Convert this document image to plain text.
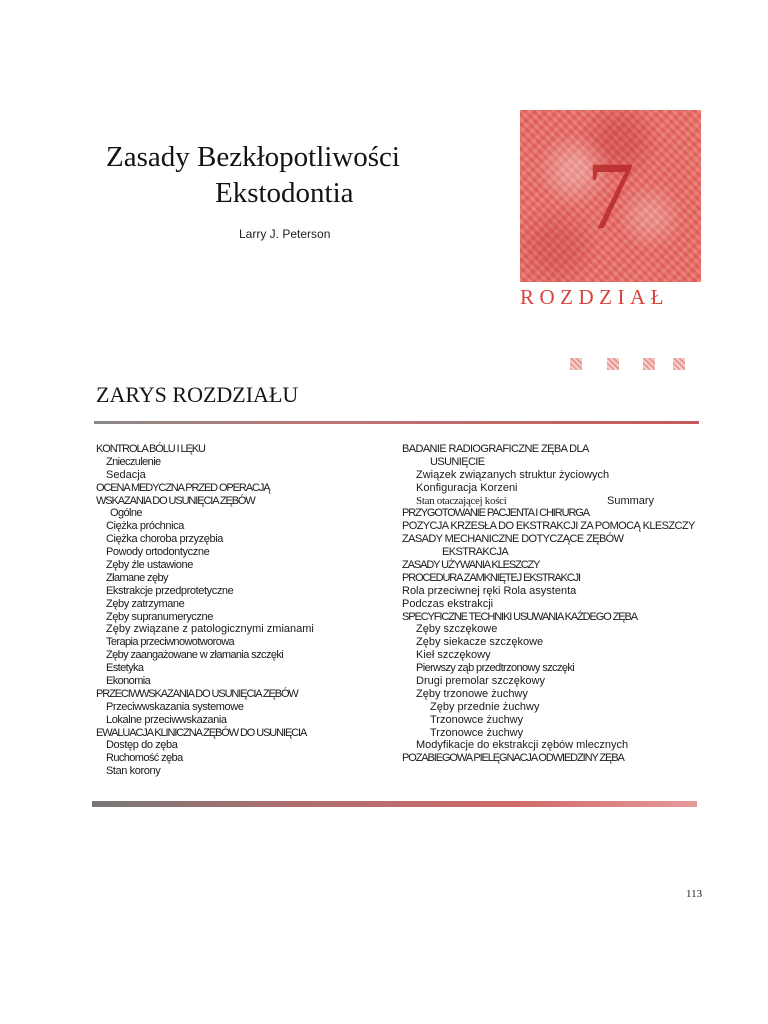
Zasady Bezkłopotliwości
Ekstodontia
Larry J. Peterson	7
ROZDZIAŁ
ZARYS ROZDZIAŁU
KONTROLA BÓLU I LĘKU
Znieczulenie
Sedacja
OCENA MEDYCZNA PRZED OPERACJĄ
WSKAZANIA DO USUNIĘCIA ZĘBÓW
Ogólne
Ciężka próchnica
Ciężka choroba przyzębia
Powody ortodontyczne
Zęby źle ustawione
Złamane zęby
Ekstrakcje przedprotetyczne
Zęby zatrzymane
Zęby supranumeryczne
Zęby związane z patologicznymi zmianami
Terapia przeciwnowotworowa
Zęby zaangażowane w złamania szczęki
Estetyka
Ekonomia
PRZECIWWSKAZANIA DO USUNIĘCIA ZĘBÓW
Przeciwwskazania systemowe
Lokalne przeciwwskazania
EWALUACJA KLINICZNA ZĘBÓW DO USUNIĘCIA
Dostęp do zęba
Ruchomość zęba
Stan korony
BADANIE RADIOGRAFICZNE ZĘBA DLA
USUNIĘCIE
Związek związanych struktur życiowych
Konfiguracja Korzeni
Stan otaczającej kości
PRZYGOTOWANIE PACJENTA I CHIRURGA
POZYCJA KRZESŁA DO EKSTRAKCJI ZA POMOCĄ KLESZCZY
ZASADY MECHANICZNE DOTYCZĄCE ZĘBÓW
EKSTRAKCJA
ZASADY UŻYWANIA KLESZCZY
PROCEDURA ZAMKNIĘTEJ EKSTRAKCJI
Rola przeciwnej ręki Rola asystenta
Podczas ekstrakcji
SPECYFICZNE TECHNIKI USUWANIA KAŻDEGO ZĘBA
Zęby szczękowe
Zęby siekacze szczękowe
Kieł szczękowy
Pierwszy ząb przedtrzonowy szczęki
Drugi premolar szczękowy
Zęby trzonowe żuchwy
Zęby przednie żuchwy
Trzonowce żuchwy
Trzonowce żuchwy
Modyfikacje do ekstrakcji zębów mlecznych
POZABIEGOWA PIELĘGNACJA ODWIEDZINY ZĘBA
Summary
113
